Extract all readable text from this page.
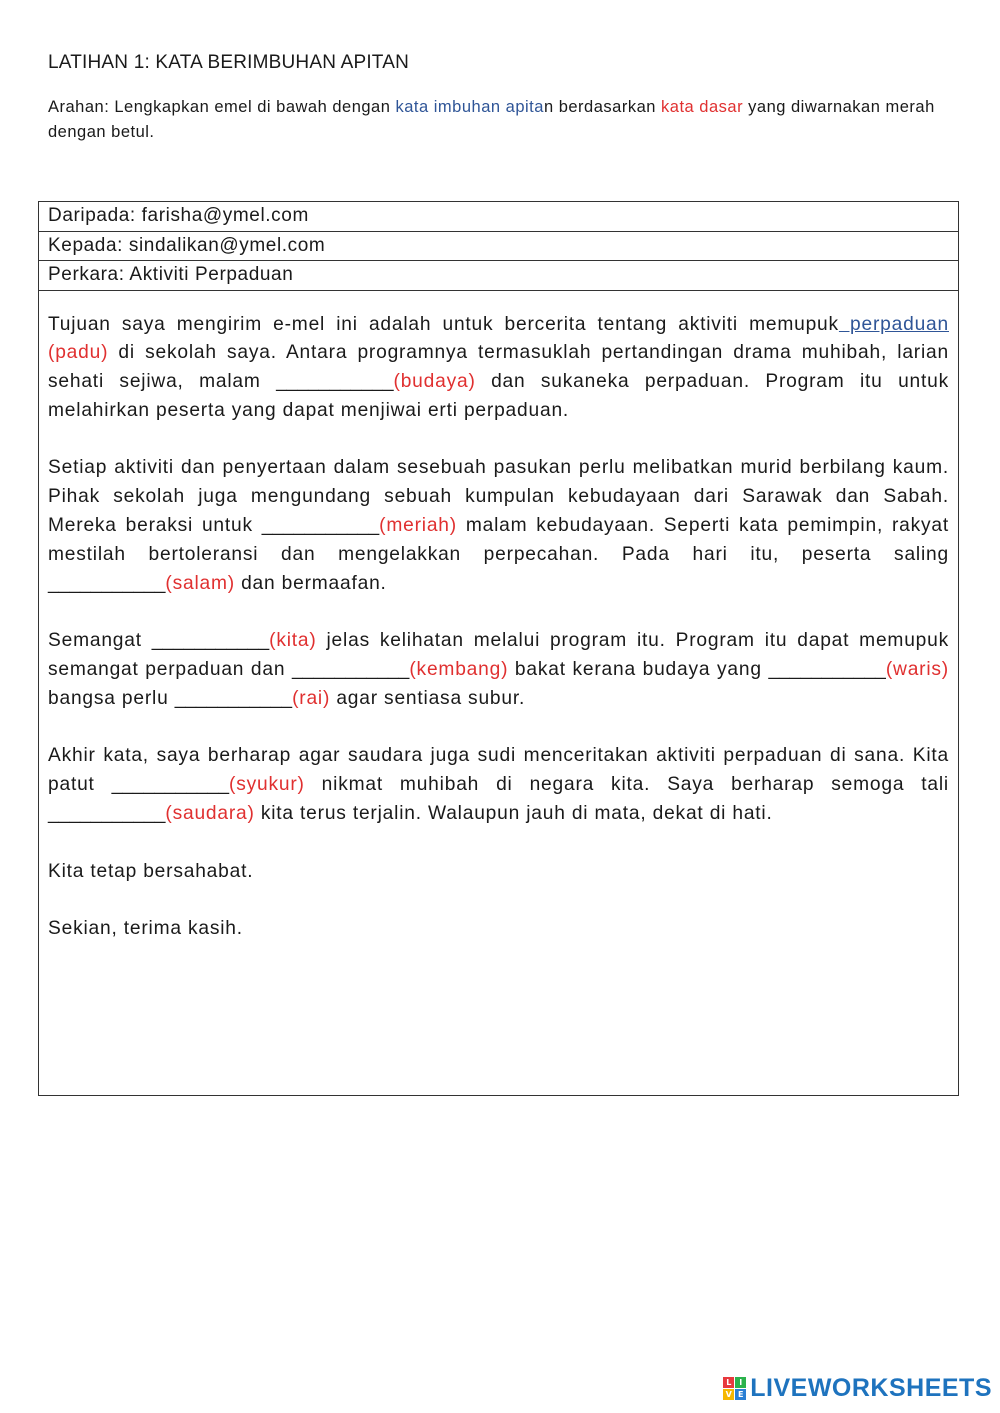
LATIHAN 1: KATA BERIMBUHAN APITAN
Arahan: Lengkapkan emel di bawah dengan kata imbuhan apitan berdasarkan kata dasar yang diwarnakan merah dengan betul.
Daripada: farisha@ymel.com
Kepada: sindalikan@ymel.com
Perkara: Aktiviti Perpaduan

Tujuan saya mengirim e-mel ini adalah untuk bercerita tentang aktiviti memupuk perpaduan (padu) di sekolah saya. Antara programnya termasuklah pertandingan drama muhibah, larian sehati sejiwa, malam ___________(budaya) dan sukaneka perpaduan. Program itu untuk melahirkan peserta yang dapat menjiwai erti perpaduan.

Setiap aktiviti dan penyertaan dalam sesebuah pasukan perlu melibatkan murid berbilang kaum. Pihak sekolah juga mengundang sebuah kumpulan kebudayaan dari Sarawak dan Sabah. Mereka beraksi untuk ___________(meriah) malam kebudayaan. Seperti kata pemimpin, rakyat mestilah bertoleransi dan mengelakkan perpecahan. Pada hari itu, peserta saling ___________(salam) dan bermaafan.

Semangat ___________(kita) jelas kelihatan melalui program itu. Program itu dapat memupuk semangat perpaduan dan ___________(kembang) bakat kerana budaya yang ___________(waris) bangsa perlu ___________(rai) agar sentiasa subur.

Akhir kata, saya berharap agar saudara juga sudi menceritakan aktiviti perpaduan di sana. Kita patut ___________(syukur) nikmat muhibah di negara kita. Saya berharap semoga tali ___________(saudara) kita terus terjalin. Walaupun jauh di mata, dekat di hati.

Kita tetap bersahabat.

Sekian, terima kasih.

L I
V E LIVEWORKSHEETS
